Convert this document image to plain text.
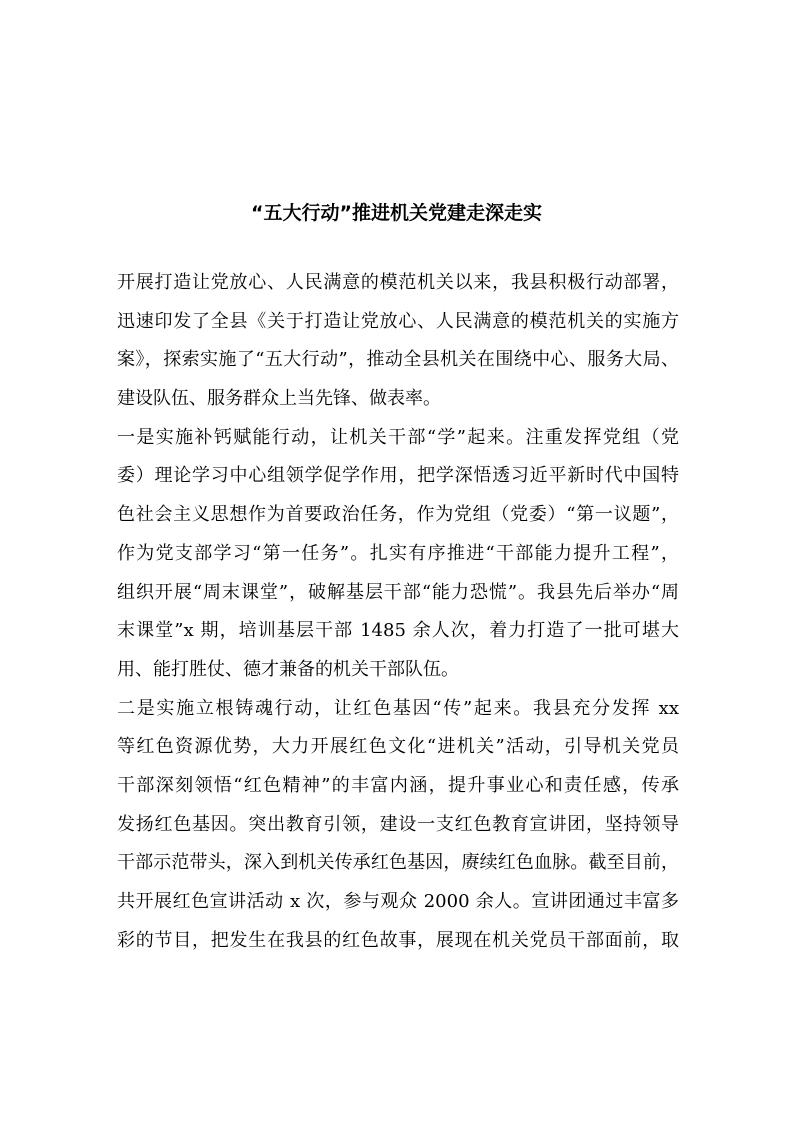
“五大行动”推进机关党建走深走实
开展打造让党放心、人民满意的模范机关以来，我县积极行动部署，
迅速印发了全县《关于打造让党放心、人民满意的模范机关的实施方
案》，探索实施了“五大行动”，推动全县机关在围绕中心、服务大局、
建设队伍、服务群众上当先锋、做表率。
一是实施补钙赋能行动，让机关干部“学”起来。注重发挥党组（党
委）理论学习中心组领学促学作用，把学深悟透习近平新时代中国特
色社会主义思想作为首要政治任务，作为党组（党委）“第一议题”，
作为党支部学习“第一任务”。扎实有序推进“干部能力提升工程”，
组织开展“周末课堂”，破解基层干部“能力恐慌”。我县先后举办“周
末课堂”x 期，培训基层干部 1485 余人次，着力打造了一批可堪大
用、能打胜仗、德才兼备的机关干部队伍。
二是实施立根铸魂行动，让红色基因“传”起来。我县充分发挥 xx
等红色资源优势，大力开展红色文化“进机关”活动，引导机关党员
干部深刻领悟“红色精神”的丰富内涵，提升事业心和责任感，传承
发扬红色基因。突出教育引领，建设一支红色教育宣讲团，坚持领导
干部示范带头，深入到机关传承红色基因，赓续红色血脉。截至目前，
共开展红色宣讲活动 x 次，参与观众 2000 余人。宣讲团通过丰富多
彩的节目，把发生在我县的红色故事，展现在机关党员干部面前，取
